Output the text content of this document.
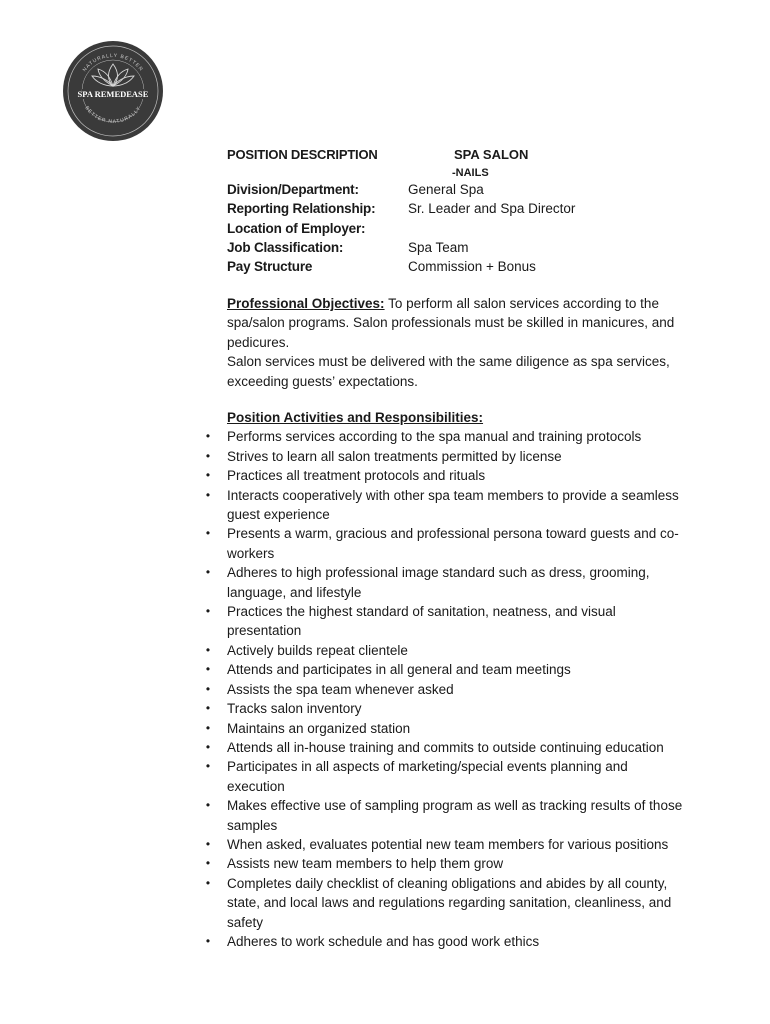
NATURALLY BETTER
SPA REMEDEASE
BETTER NATURALLY
POSITION DESCRIPTION	SPA SALON
-NAILS
Division/Department:	General Spa
Reporting Relationship: Sr. Leader and Spa Director
Location of Employer:
Job Classification:	Spa Team
Pay Structure	Commission + Bonus

Professional Objectives: To perform all salon services according to the spa/salon programs. Salon professionals must be skilled in manicures, and pedicures.

Salon services must be delivered with the same diligence as spa services, exceeding guests’ expectations.

Position Activities and Responsibilities:
• Performs services according to the spa manual and training protocols
• Strives to learn all salon treatments permitted by license
• Practices all treatment protocols and rituals
• Interacts cooperatively with other spa team members to provide a seamless guest experience
• Presents a warm, gracious and professional persona toward guests and co-workers
• Adheres to high professional image standard such as dress, grooming, language, and lifestyle
• Practices the highest standard of sanitation, neatness, and visual presentation
• Actively builds repeat clientele
• Attends and participates in all general and team meetings
• Assists the spa team whenever asked
• Tracks salon inventory
• Maintains an organized station
• Attends all in-house training and commits to outside continuing education
• Participates in all aspects of marketing/special events planning and execution
• Makes effective use of sampling program as well as tracking results of those samples
• When asked, evaluates potential new team members for various positions
• Assists new team members to help them grow
• Completes daily checklist of cleaning obligations and abides by all county, state, and local laws and regulations regarding sanitation, cleanliness, and safety
• Adheres to work schedule and has good work ethics
